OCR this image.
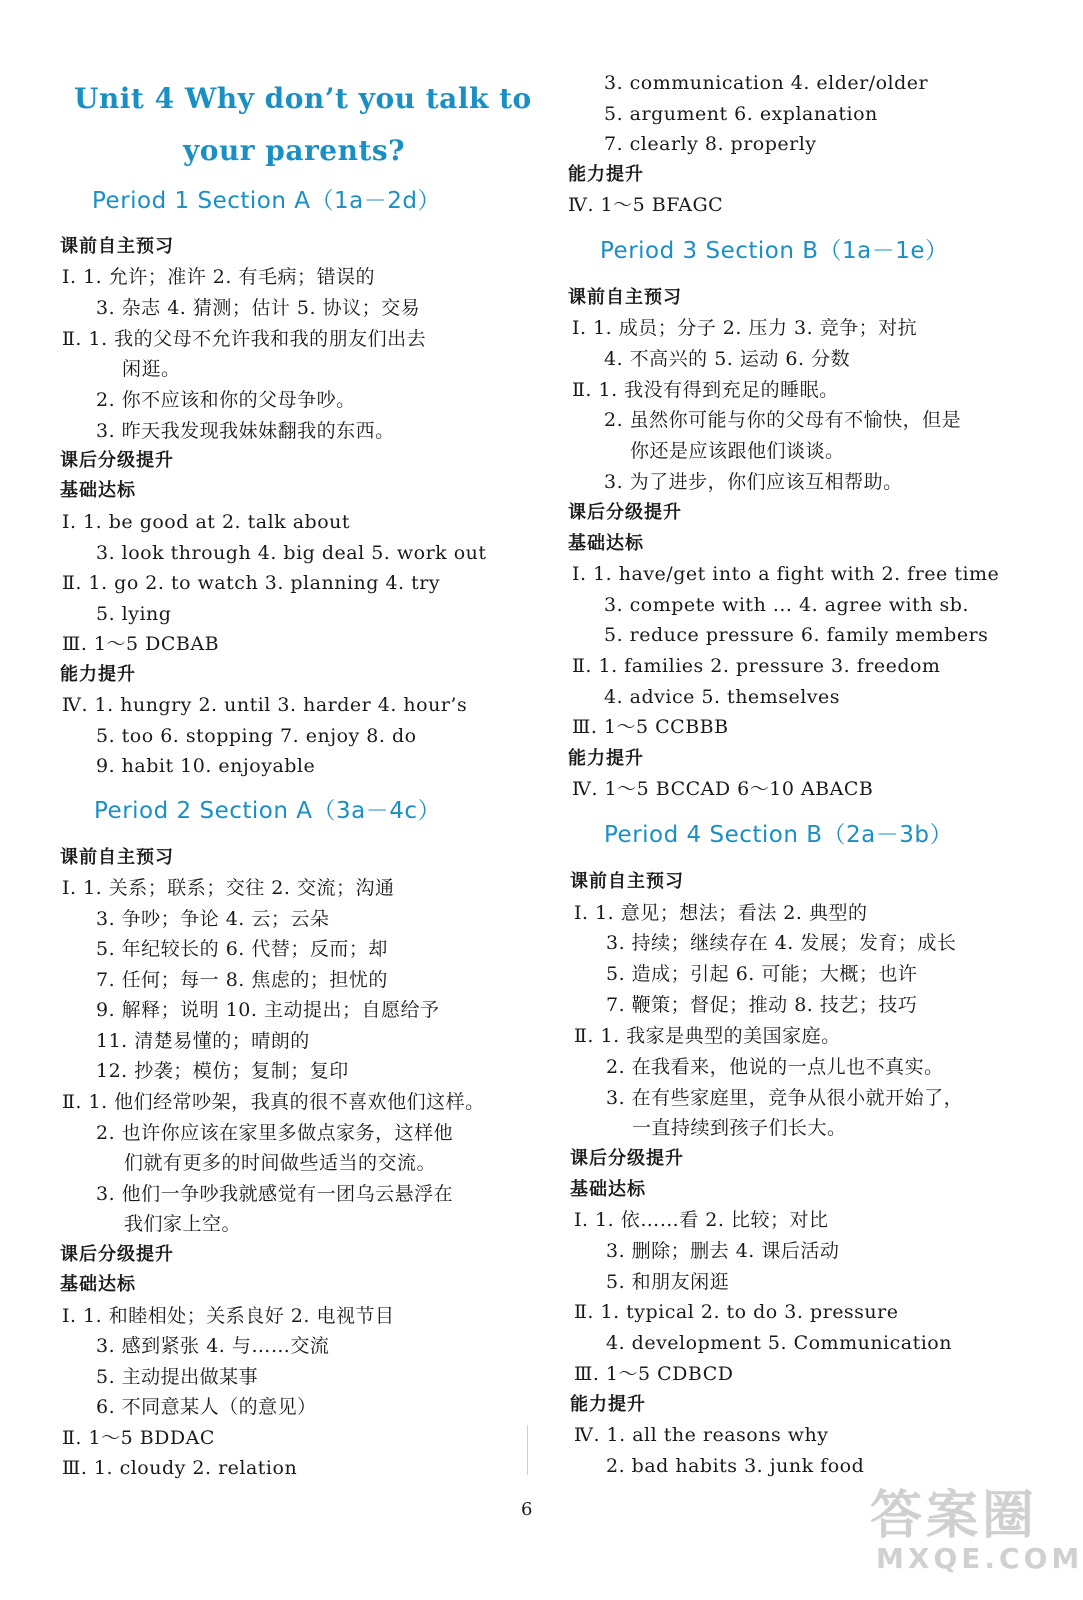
Unit 4 Why don’t you talk to
your parents?
Period 1 Section A（1a－2d）
课前自主预习
Ⅰ. 1. 允许；准许 2. 有毛病；错误的
3. 杂志 4. 猜测；估计 5. 协议；交易
Ⅱ. 1. 我的父母不允许我和我的朋友们出去
闲逛。
2. 你不应该和你的父母争吵。
3. 昨天我发现我妹妹翻我的东西。
课后分级提升
基础达标
Ⅰ. 1. be good at 2. talk about
3. look through 4. big deal 5. work out
Ⅱ. 1. go 2. to watch 3. planning 4. try
5. lying
Ⅲ. 1～5 DCBAB
能力提升
Ⅳ. 1. hungry 2. until 3. harder 4. hour’s
5. too 6. stopping 7. enjoy 8. do
9. habit 10. enjoyable
Period 2 Section A（3a－4c）
课前自主预习
Ⅰ. 1. 关系；联系；交往 2. 交流；沟通
3. 争吵；争论 4. 云；云朵
5. 年纪较长的 6. 代替；反而；却
7. 任何；每一 8. 焦虑的；担忧的
9. 解释；说明 10. 主动提出；自愿给予
11. 清楚易懂的；晴朗的
12. 抄袭；模仿；复制；复印
Ⅱ. 1. 他们经常吵架，我真的很不喜欢他们这样。
2. 也许你应该在家里多做点家务，这样他
们就有更多的时间做些适当的交流。
3. 他们一争吵我就感觉有一团乌云悬浮在
我们家上空。
课后分级提升
基础达标
Ⅰ. 1. 和睦相处；关系良好 2. 电视节目
3. 感到紧张 4. 与……交流
5. 主动提出做某事
6. 不同意某人（的意见）
Ⅱ. 1～5 BDDAC
Ⅲ. 1. cloudy 2. relation
3. communication 4. elder/older
5. argument 6. explanation
7. clearly 8. properly
能力提升
Ⅳ. 1～5 BFAGC
Period 3 Section B（1a－1e）
课前自主预习
Ⅰ. 1. 成员；分子 2. 压力 3. 竞争；对抗
4. 不高兴的 5. 运动 6. 分数
Ⅱ. 1. 我没有得到充足的睡眠。
2. 虽然你可能与你的父母有不愉快，但是
你还是应该跟他们谈谈。
3. 为了进步，你们应该互相帮助。
课后分级提升
基础达标
Ⅰ. 1. have/get into a fight with 2. free time
3. compete with ... 4. agree with sb.
5. reduce pressure 6. family members
Ⅱ. 1. families 2. pressure 3. freedom
4. advice 5. themselves
Ⅲ. 1～5 CCBBB
能力提升
Ⅳ. 1～5 BCCAD 6～10 ABACB
Period 4 Section B（2a－3b）
课前自主预习
Ⅰ. 1. 意见；想法；看法 2. 典型的
3. 持续；继续存在 4. 发展；发育；成长
5. 造成；引起 6. 可能；大概；也许
7. 鞭策；督促；推动 8. 技艺；技巧
Ⅱ. 1. 我家是典型的美国家庭。
2. 在我看来，他说的一点儿也不真实。
3. 在有些家庭里，竞争从很小就开始了，
一直持续到孩子们长大。
课后分级提升
基础达标
Ⅰ. 1. 依……看 2. 比较；对比
3. 删除；删去 4. 课后活动
5. 和朋友闲逛
Ⅱ. 1. typical 2. to do 3. pressure
4. development 5. Communication
Ⅲ. 1～5 CDBCD
能力提升
Ⅳ. 1. all the reasons why
2. bad habits 3. junk food
6	答案圈
MXQE.COM
